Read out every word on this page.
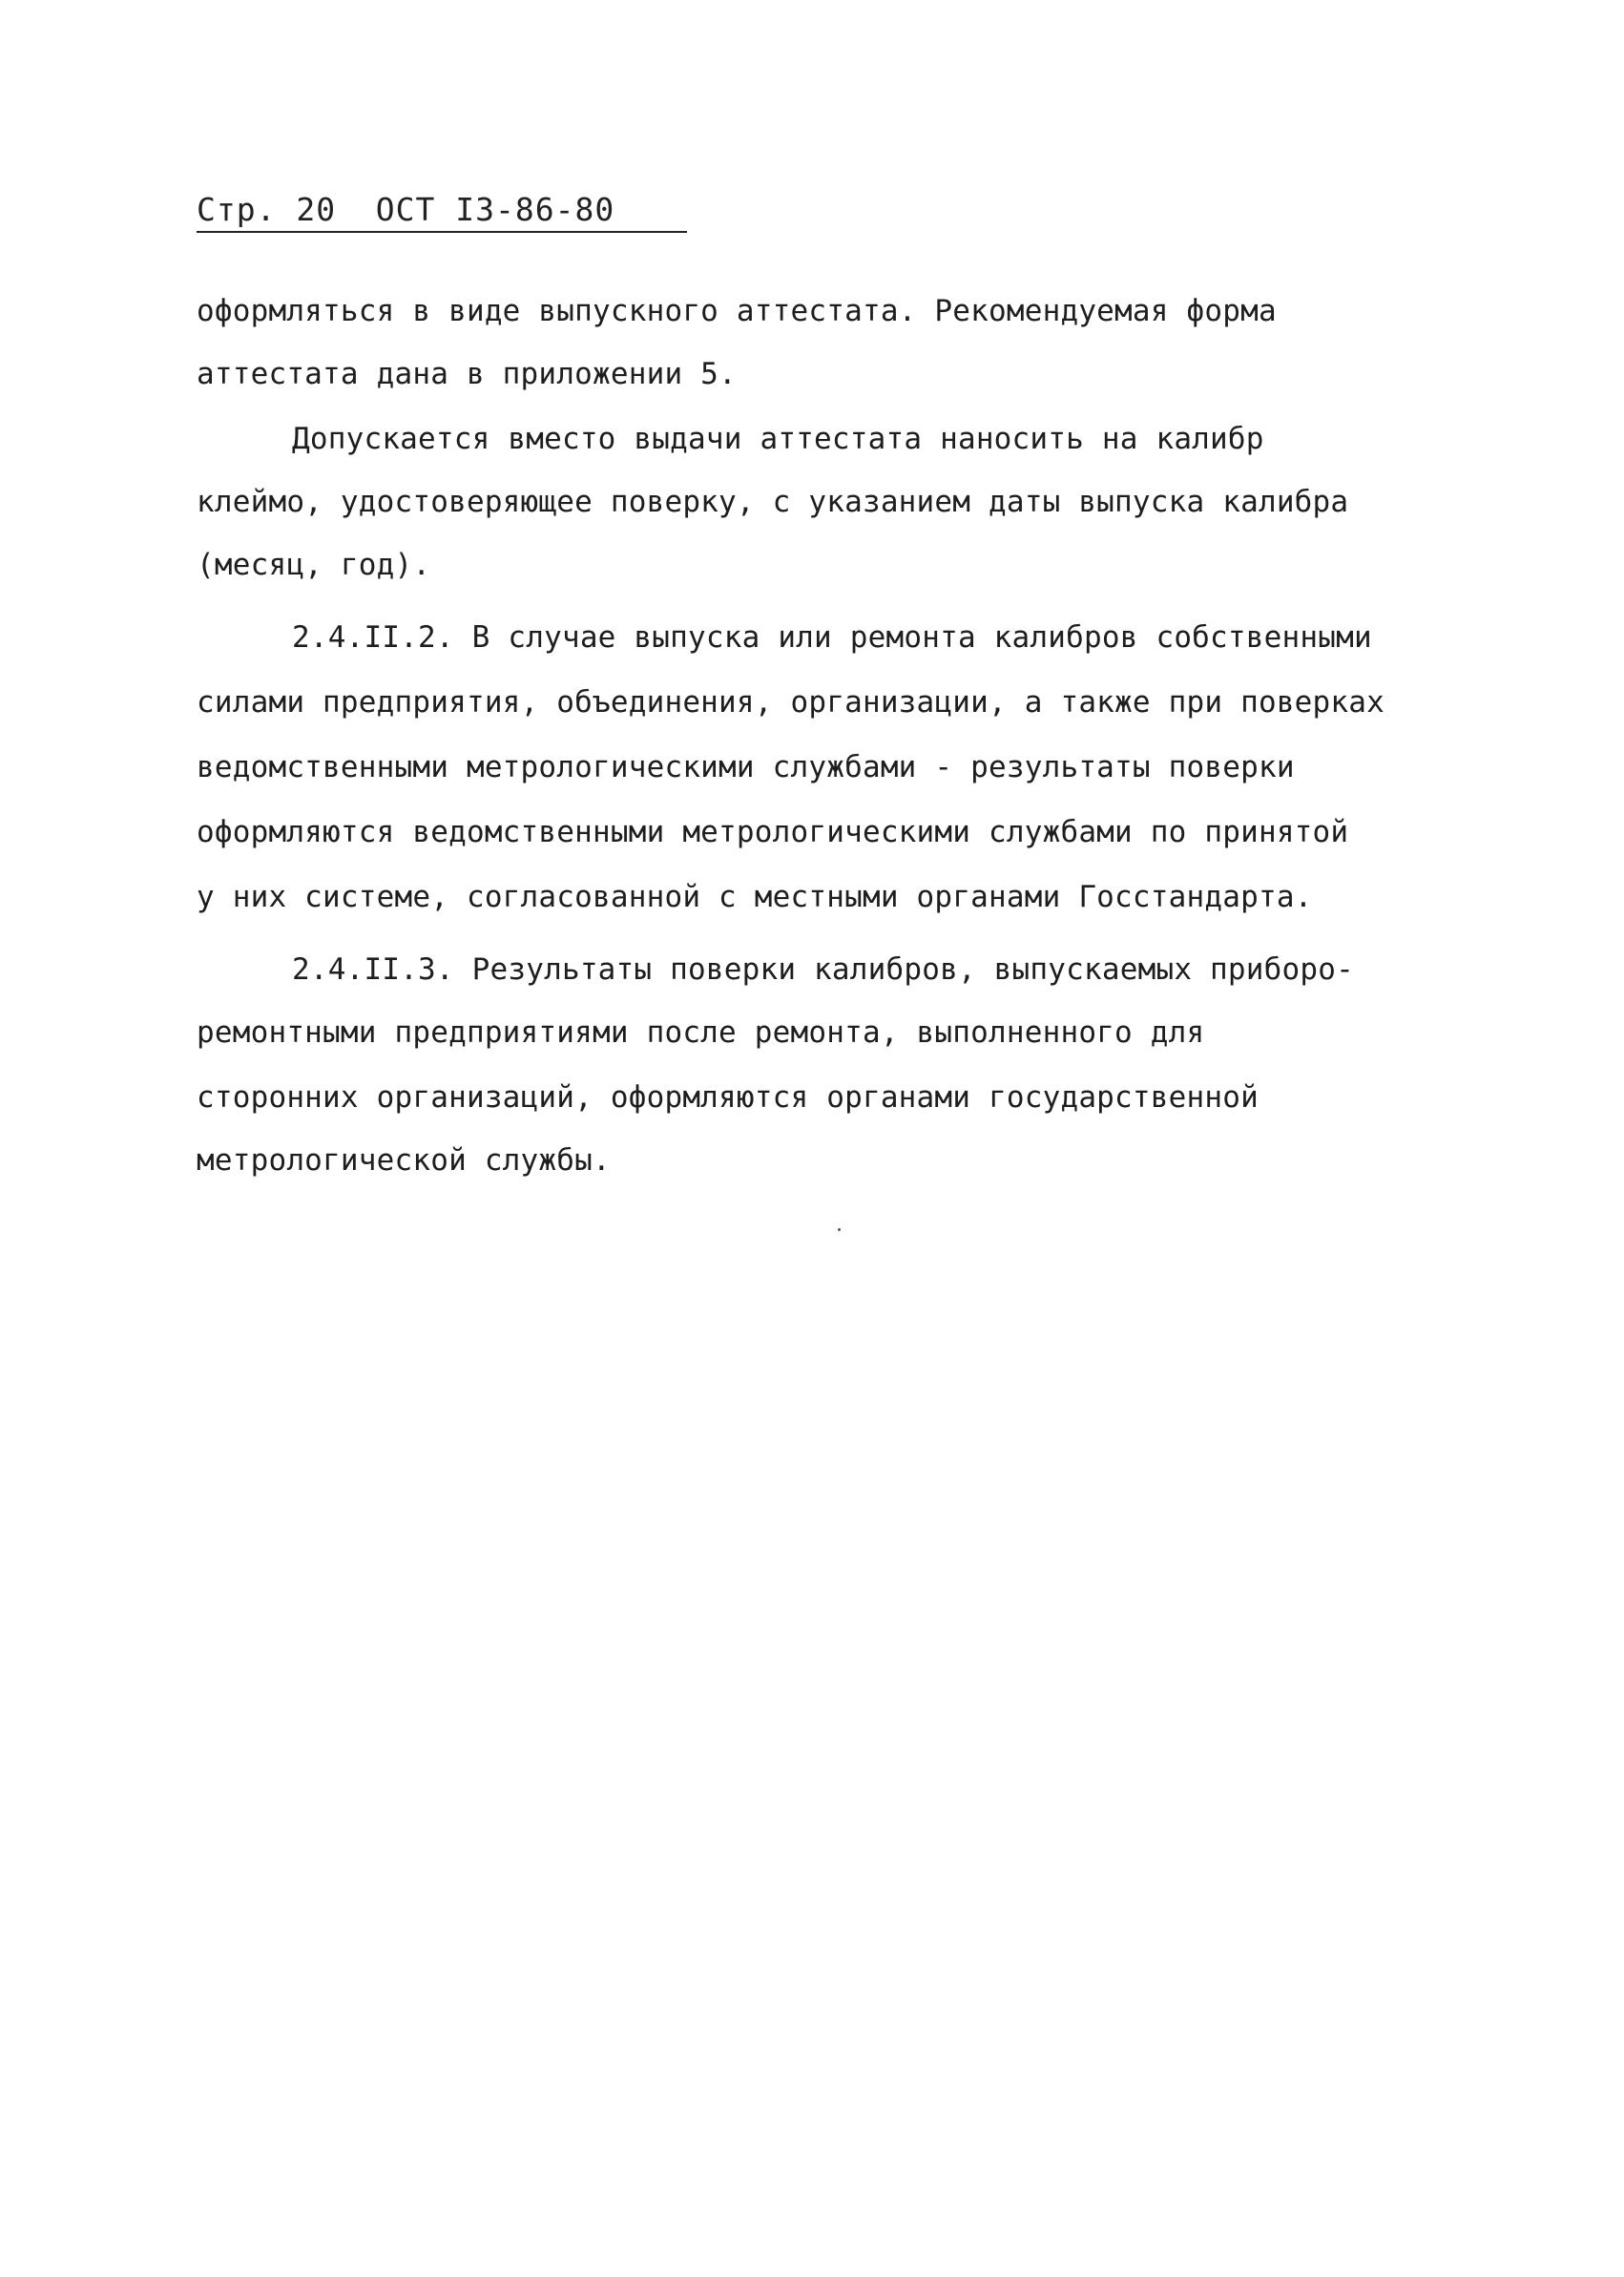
Стр. 20  ОСТ I3-86-80
оформляться в виде выпускного аттестата. Рекомендуемая форма
аттестата дана в приложении 5.
Допускается вместо выдачи аттестата наносить на калибр
клеймо, удостоверяющее поверку, с указанием даты выпуска калибра
(месяц, год).
2.4.II.2. В случае выпуска или ремонта калибров собственными
силами предприятия, объединения, организации, а также при поверках
ведомственными метрологическими службами - результаты поверки
оформляются ведомственными метрологическими службами по принятой
у них системе, согласованной с местными органами Госстандарта.
2.4.II.3. Результаты поверки калибров, выпускаемых приборо-
ремонтными предприятиями после ремонта, выполненного для
сторонних организаций, оформляются органами государственной
метрологической службы.
